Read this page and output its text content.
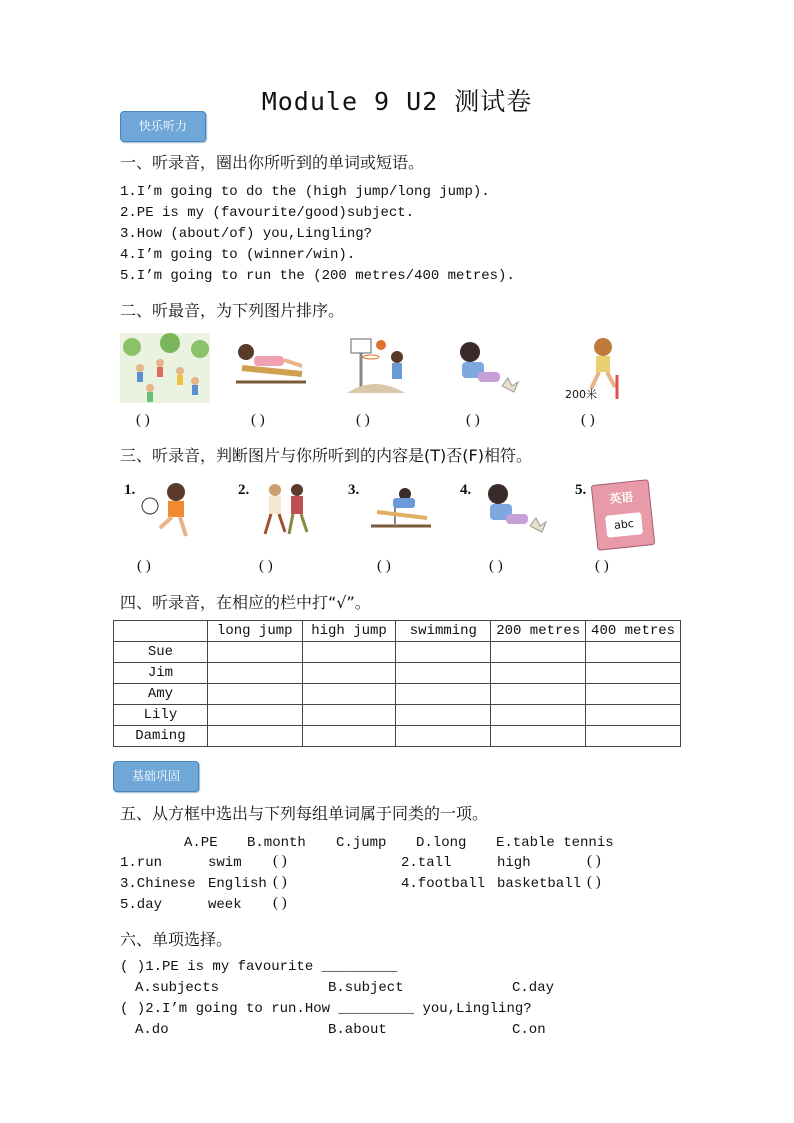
Module 9 U2 测试卷
快乐听力
一、听录音，圈出你所听到的单词或短语。
1.I’m going to do the (high jump/long jump).
2.PE is my (favourite/good)subject.
3.How (about/of) you,Lingling?
4.I’m going to (winner/win).
5.I’m going to run the (200 metres/400 metres).
二、听最音，为下列图片排序。
200米
( )	( )	( )	( )	( )
三、听录音，判断图片与你所听到的内容是(T)否(F)相符。
1.	2.	3.	4.	5.	英语
abc
( )	( )	( )	( )	( )
四、听录音，在相应的栏中打“√”。
	long jump	high jump	swimming	200 metres	400 metres
Sue					
Jim					
Amy					
Lily					
Daming					
基础巩固
五、从方框中选出与下列每组单词属于同类的一项。
A.PE B.month C.jump D.long E.table tennis
1.run	swim ( )	2.tall	high	( )
3.Chinese English ( )	4.football basketball ( )
5.day	week ( )
六、单项选择。
( )1.PE is my favourite _________
A.subjects	B.subject	C.day
( )2.I’m going to run.How _________ you,Lingling?
A.do	B.about	C.on
